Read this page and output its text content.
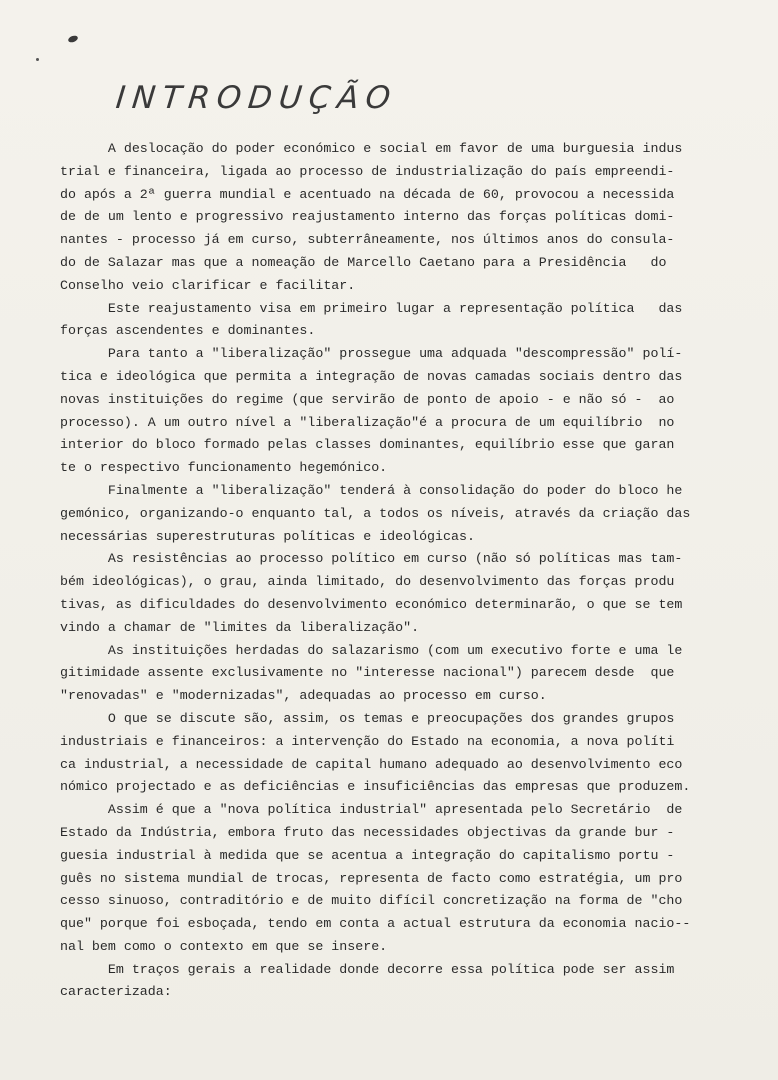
INTRODUÇÃO
A deslocação do poder económico e social em favor de uma burguesia indus
trial e financeira, ligada ao processo de industrialização do país empreendi-
do após a 2ª guerra mundial e acentuado na década de 60, provocou a necessida
de de um lento e progressivo reajustamento interno das forças políticas domi-
nantes - processo já em curso, subterrâneamente, nos últimos anos do consula-
do de Salazar mas que a nomeação de Marcello Caetano para a Presidência   do
Conselho veio clarificar e facilitar.
Este reajustamento visa em primeiro lugar a representação política   das
forças ascendentes e dominantes.
Para tanto a "liberalização" prossegue uma adquada "descompressão" polí-
tica e ideológica que permita a integração de novas camadas sociais dentro das
novas instituições do regime (que servirão de ponto de apoio - e não só -  ao
processo). A um outro nível a "liberalização"é a procura de um equilíbrio  no
interior do bloco formado pelas classes dominantes, equilíbrio esse que garan
te o respectivo funcionamento hegemónico.
Finalmente a "liberalização" tenderá à consolidação do poder do bloco he
gemónico, organizando-o enquanto tal, a todos os níveis, através da criação das
necessárias superestruturas políticas e ideológicas.
As resistências ao processo político em curso (não só políticas mas tam-
bém ideológicas), o grau, ainda limitado, do desenvolvimento das forças produ
tivas, as dificuldades do desenvolvimento económico determinarão, o que se tem
vindo a chamar de "limites da liberalização".
As instituições herdadas do salazarismo (com um executivo forte e uma le
gitimidade assente exclusivamente no "interesse nacional") parecem desde  que
"renovadas" e "modernizadas", adequadas ao processo em curso.
O que se discute são, assim, os temas e preocupações dos grandes grupos
industriais e financeiros: a intervenção do Estado na economia, a nova políti
ca industrial, a necessidade de capital humano adequado ao desenvolvimento eco
nómico projectado e as deficiências e insuficiências das empresas que produzem.
Assim é que a "nova política industrial" apresentada pelo Secretário  de
Estado da Indústria, embora fruto das necessidades objectivas da grande bur -
guesia industrial à medida que se acentua a integração do capitalismo portu -
guês no sistema mundial de trocas, representa de facto como estratégia, um pro
cesso sinuoso, contraditório e de muito difícil concretização na forma de "cho
que" porque foi esboçada, tendo em conta a actual estrutura da economia nacio--
nal bem como o contexto em que se insere.
Em traços gerais a realidade donde decorre essa política pode ser assim
caracterizada:
